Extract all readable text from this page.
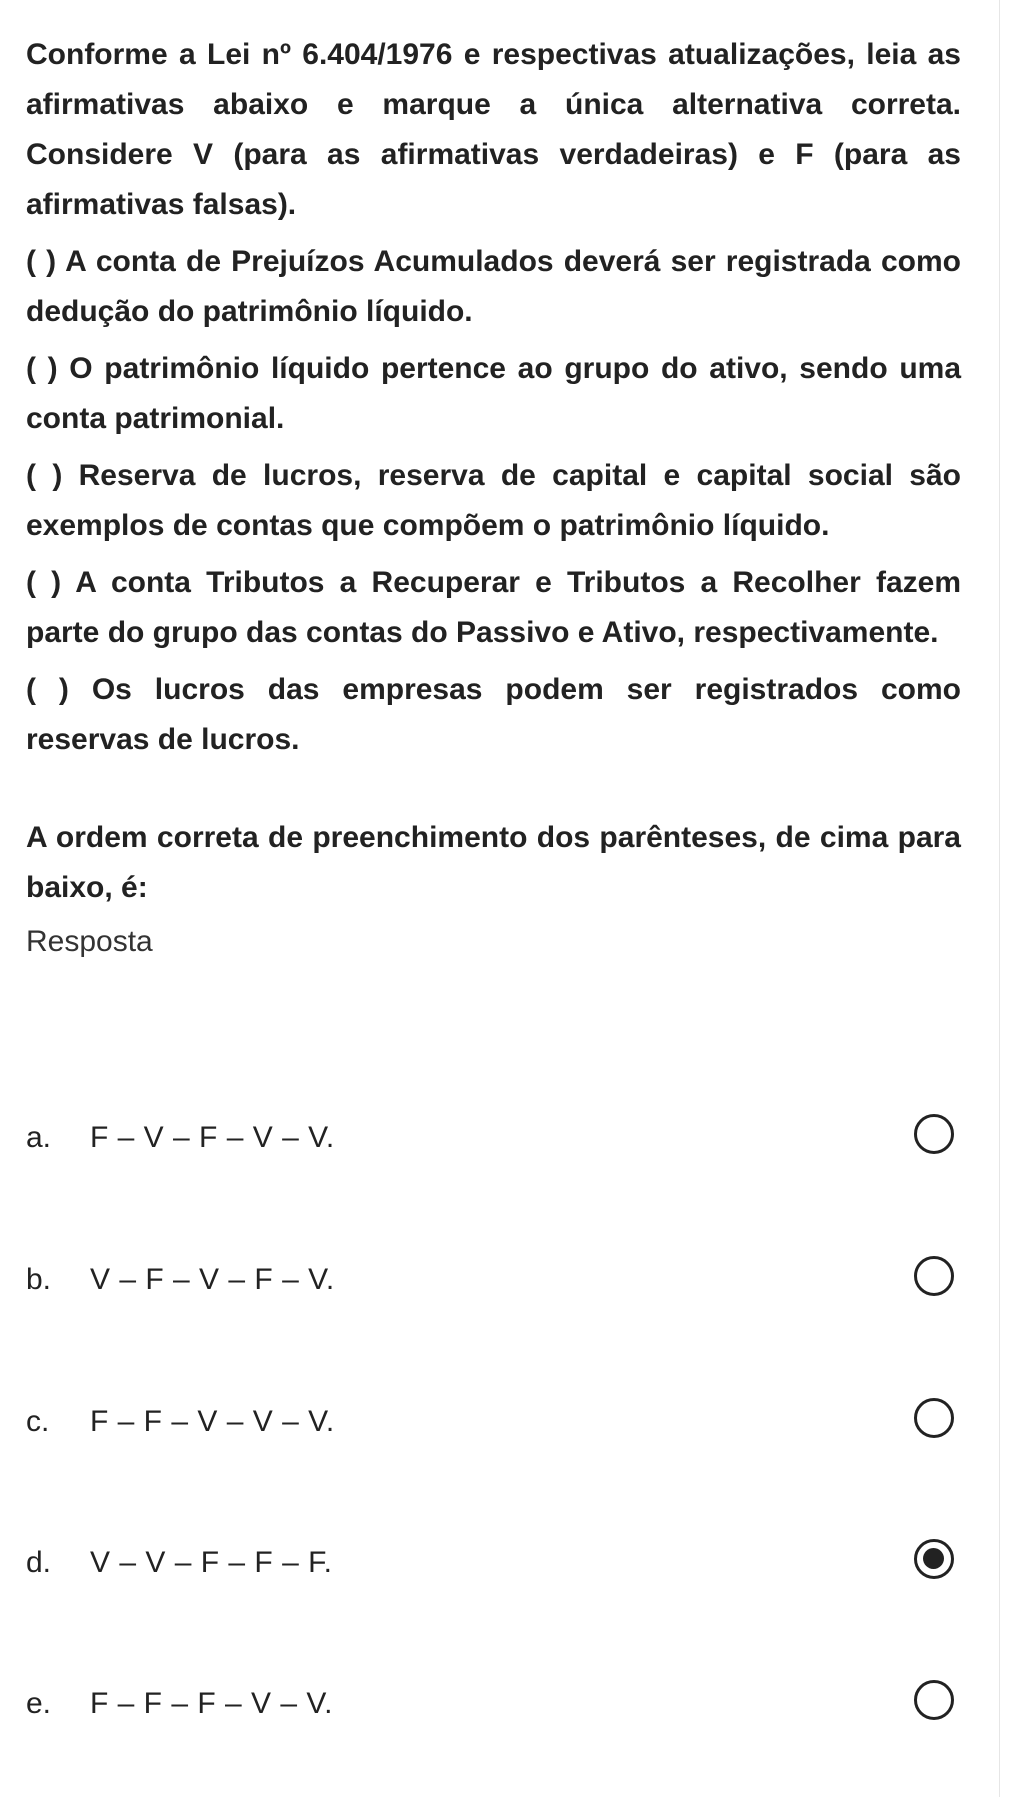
Conforme a Lei nº 6.404/1976 e respectivas atualizações, leia as afirmativas abaixo e marque a única alternativa correta. Considere V (para as afirmativas verdadeiras) e F (para as afirmativas falsas).

( ) A conta de Prejuízos Acumulados deverá ser registrada como dedução do patrimônio líquido.

( ) O patrimônio líquido pertence ao grupo do ativo, sendo uma conta patrimonial.

( ) Reserva de lucros, reserva de capital e capital social são exemplos de contas que compõem o patrimônio líquido.

( ) A conta Tributos a Recuperar e Tributos a Recolher fazem parte do grupo das contas do Passivo e Ativo, respectivamente.

( ) Os lucros das empresas podem ser registrados como reservas de lucros.

A ordem correta de preenchimento dos parênteses, de cima para baixo, é:

Resposta
a.	F – V – F – V – V.
b.	V – F – V – F – V.
c.	F – F – V – V – V.
d.	V – V – F – F – F.
e.	F – F – F – V – V.
